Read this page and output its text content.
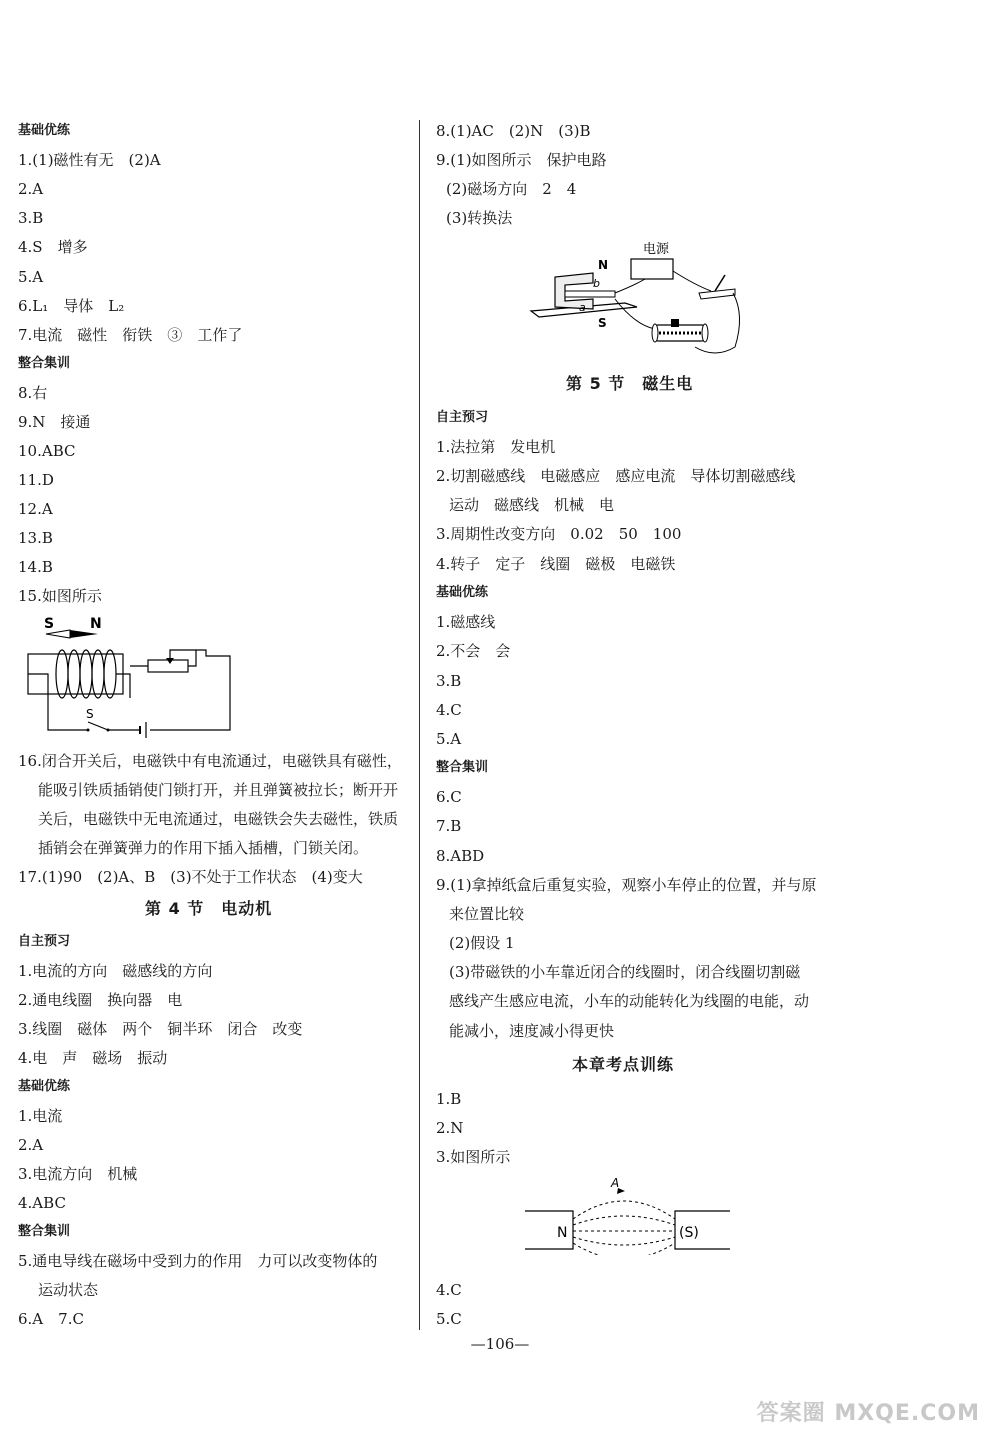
基础优练
1.(1)磁性有无　(2)A
2.A
3.B
4.S　增多
5.A
6.L₁　导体　L₂
7.电流　磁性　衔铁　③　工作了
整合集训
8.右
9.N　接通
10.ABC
11.D
12.A
13.B
14.B
15.如图所示
S	N
S
16.闭合开关后，电磁铁中有电流通过，电磁铁具有磁性，
能吸引铁质插销使门锁打开，并且弹簧被拉长；断开开
关后，电磁铁中无电流通过，电磁铁会失去磁性，铁质
插销会在弹簧弹力的作用下插入插槽，门锁关闭。
17.(1)90　(2)A、B　(3)不处于工作状态　(4)变大
第 4 节　电动机
自主预习
1.电流的方向　磁感线的方向
2.通电线圈　换向器　电
3.线圈　磁体　两个　铜半环　闭合　改变
4.电　声　磁场　振动
基础优练
1.电流
2.A
3.电流方向　机械
4.ABC
整合集训
5.通电导线在磁场中受到力的作用　力可以改变物体的
运动状态
6.A　7.C
8.(1)AC　(2)N　(3)B
9.(1)如图所示　保护电路
(2)磁场方向　2　4
(3)转换法
电源
N
S
b
a
第 5 节　磁生电
自主预习
1.法拉第　发电机
2.切割磁感线　电磁感应　感应电流　导体切割磁感线
运动　磁感线　机械　电
3.周期性改变方向　0.02　50　100
4.转子　定子　线圈　磁极　电磁铁
基础优练
1.磁感线
2.不会　会
3.B
4.C
5.A
整合集训
6.C
7.B
8.ABD
9.(1)拿掉纸盒后重复实验，观察小车停止的位置，并与原
来位置比较
(2)假设 1
(3)带磁铁的小车靠近闭合的线圈时，闭合线圈切割磁
感线产生感应电流，小车的动能转化为线圈的电能，动
能减小，速度减小得更快
本章考点训练
1.B
2.N
3.如图所示
N	(S)
A
4.C
5.C
—106—
答案圈 MXQE.COM
